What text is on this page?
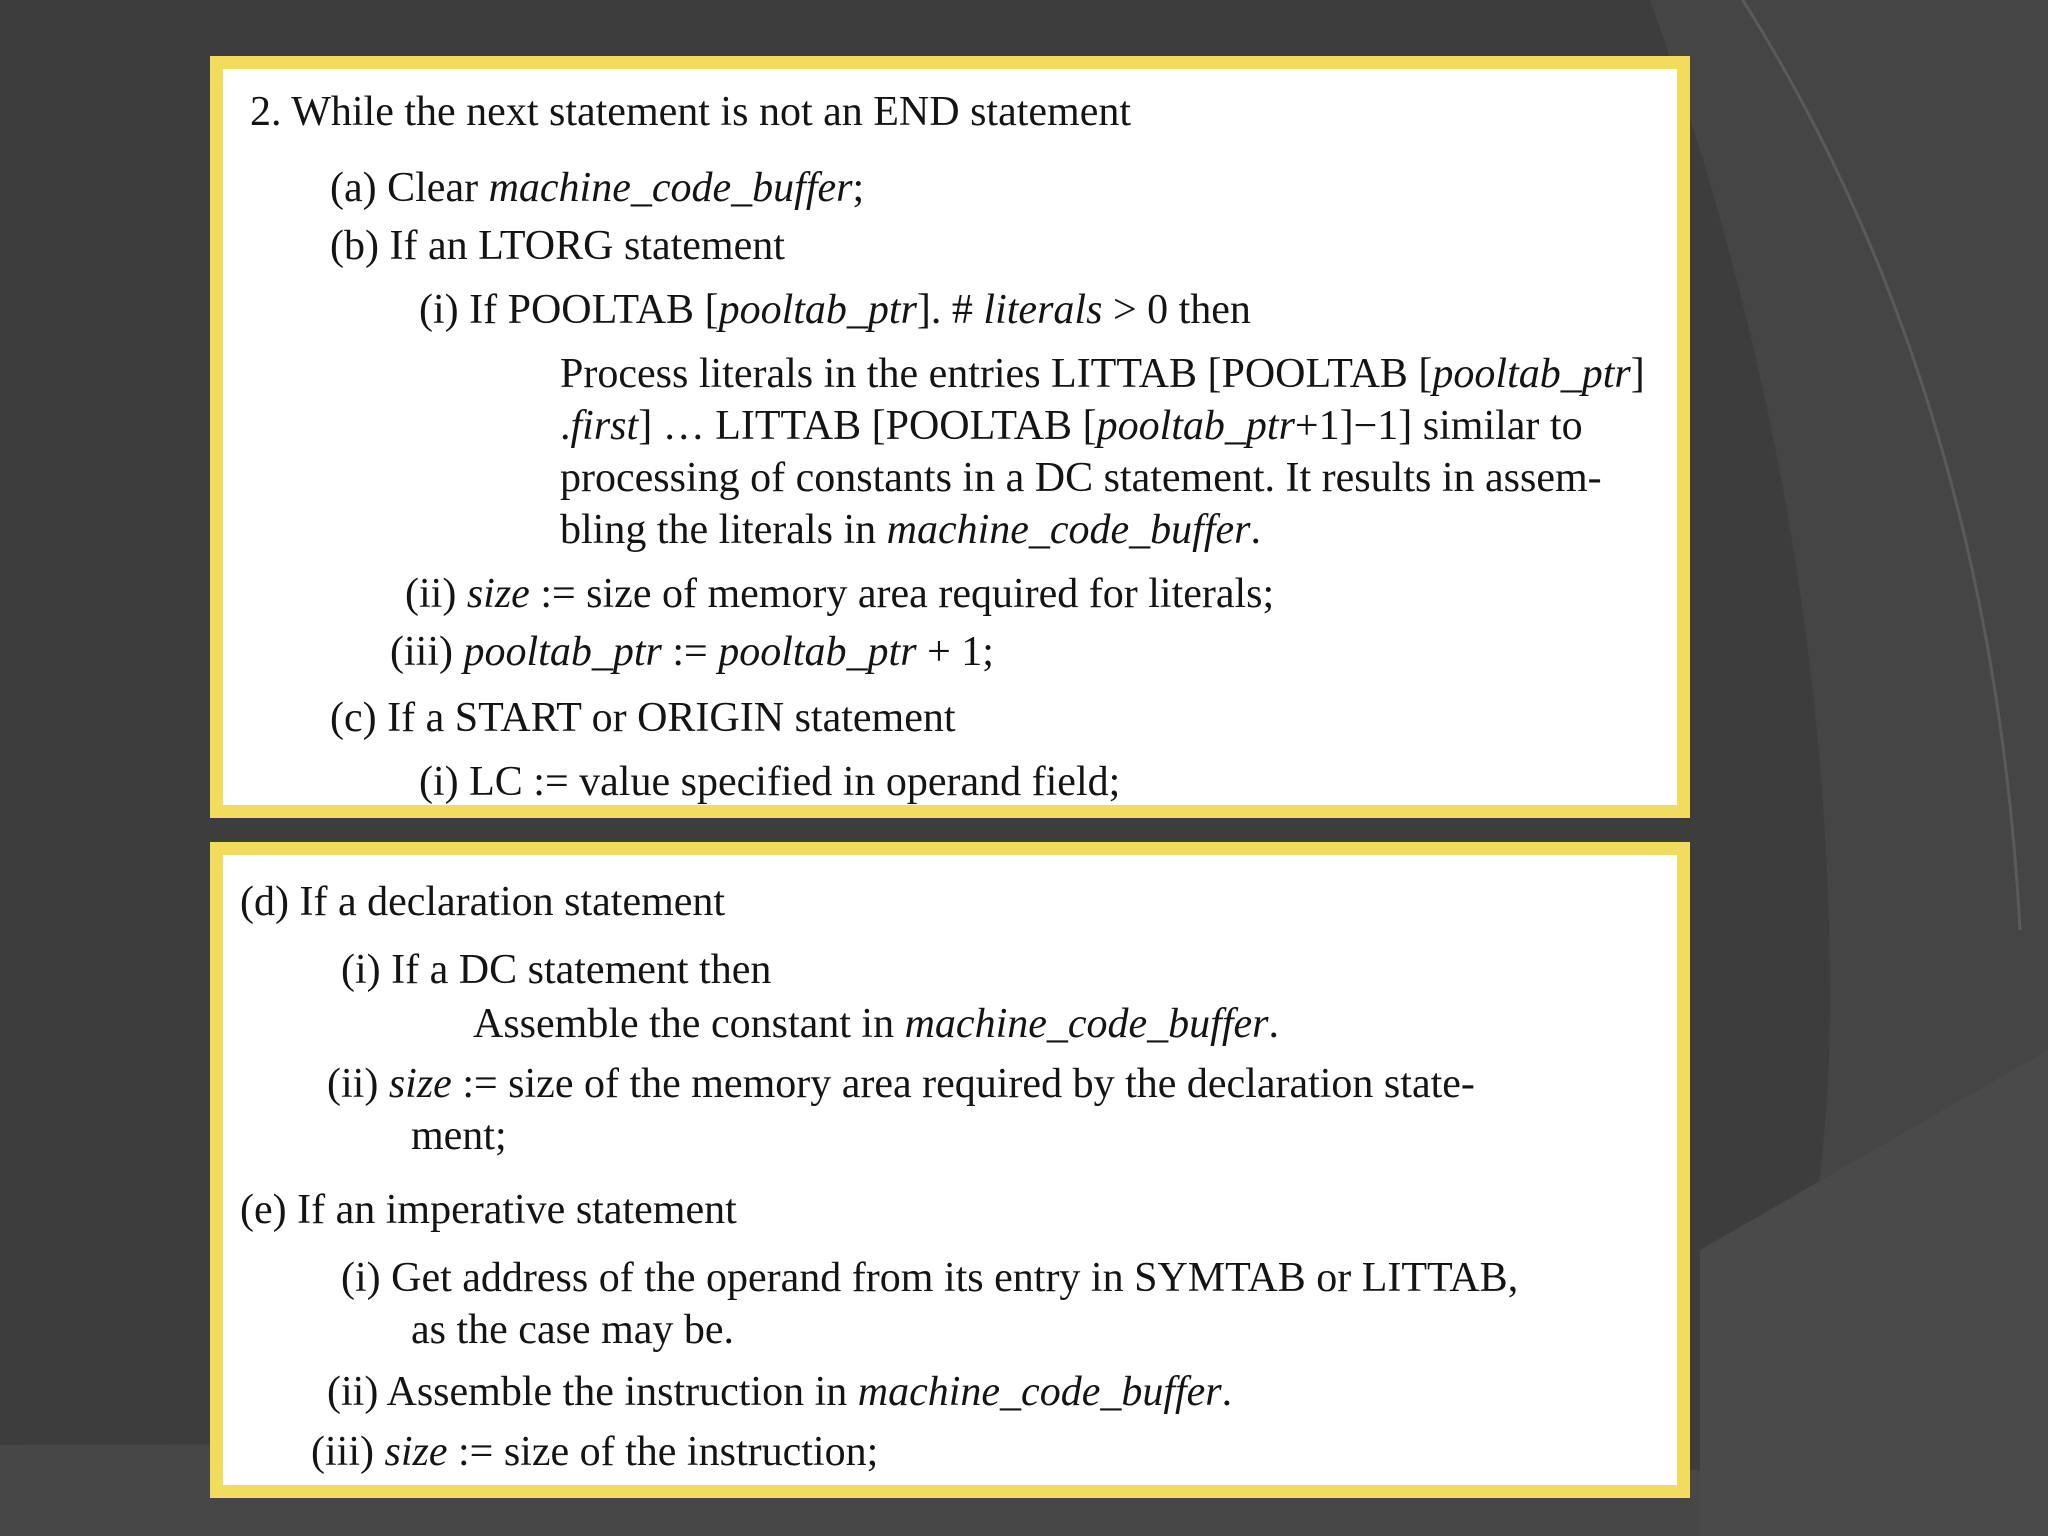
2. While the next statement is not an END statement
(a) Clear machine_code_buffer;
(b) If an LTORG statement
(i) If POOLTAB [pooltab_ptr]. # literals > 0 then
Process literals in the entries LITTAB [POOLTAB [pooltab_ptr]
.first] … LITTAB [POOLTAB [pooltab_ptr+1]−1] similar to
processing of constants in a DC statement. It results in assem-
bling the literals in machine_code_buffer.
(ii) size := size of memory area required for literals;
(iii) pooltab_ptr := pooltab_ptr + 1;
(c) If a START or ORIGIN statement
(i) LC := value specified in operand field;
(d) If a declaration statement
(i) If a DC statement then
Assemble the constant in machine_code_buffer.
(ii) size := size of the memory area required by the declaration state-
ment;
(e) If an imperative statement
(i) Get address of the operand from its entry in SYMTAB or LITTAB,
as the case may be.
(ii) Assemble the instruction in machine_code_buffer.
(iii) size := size of the instruction;
